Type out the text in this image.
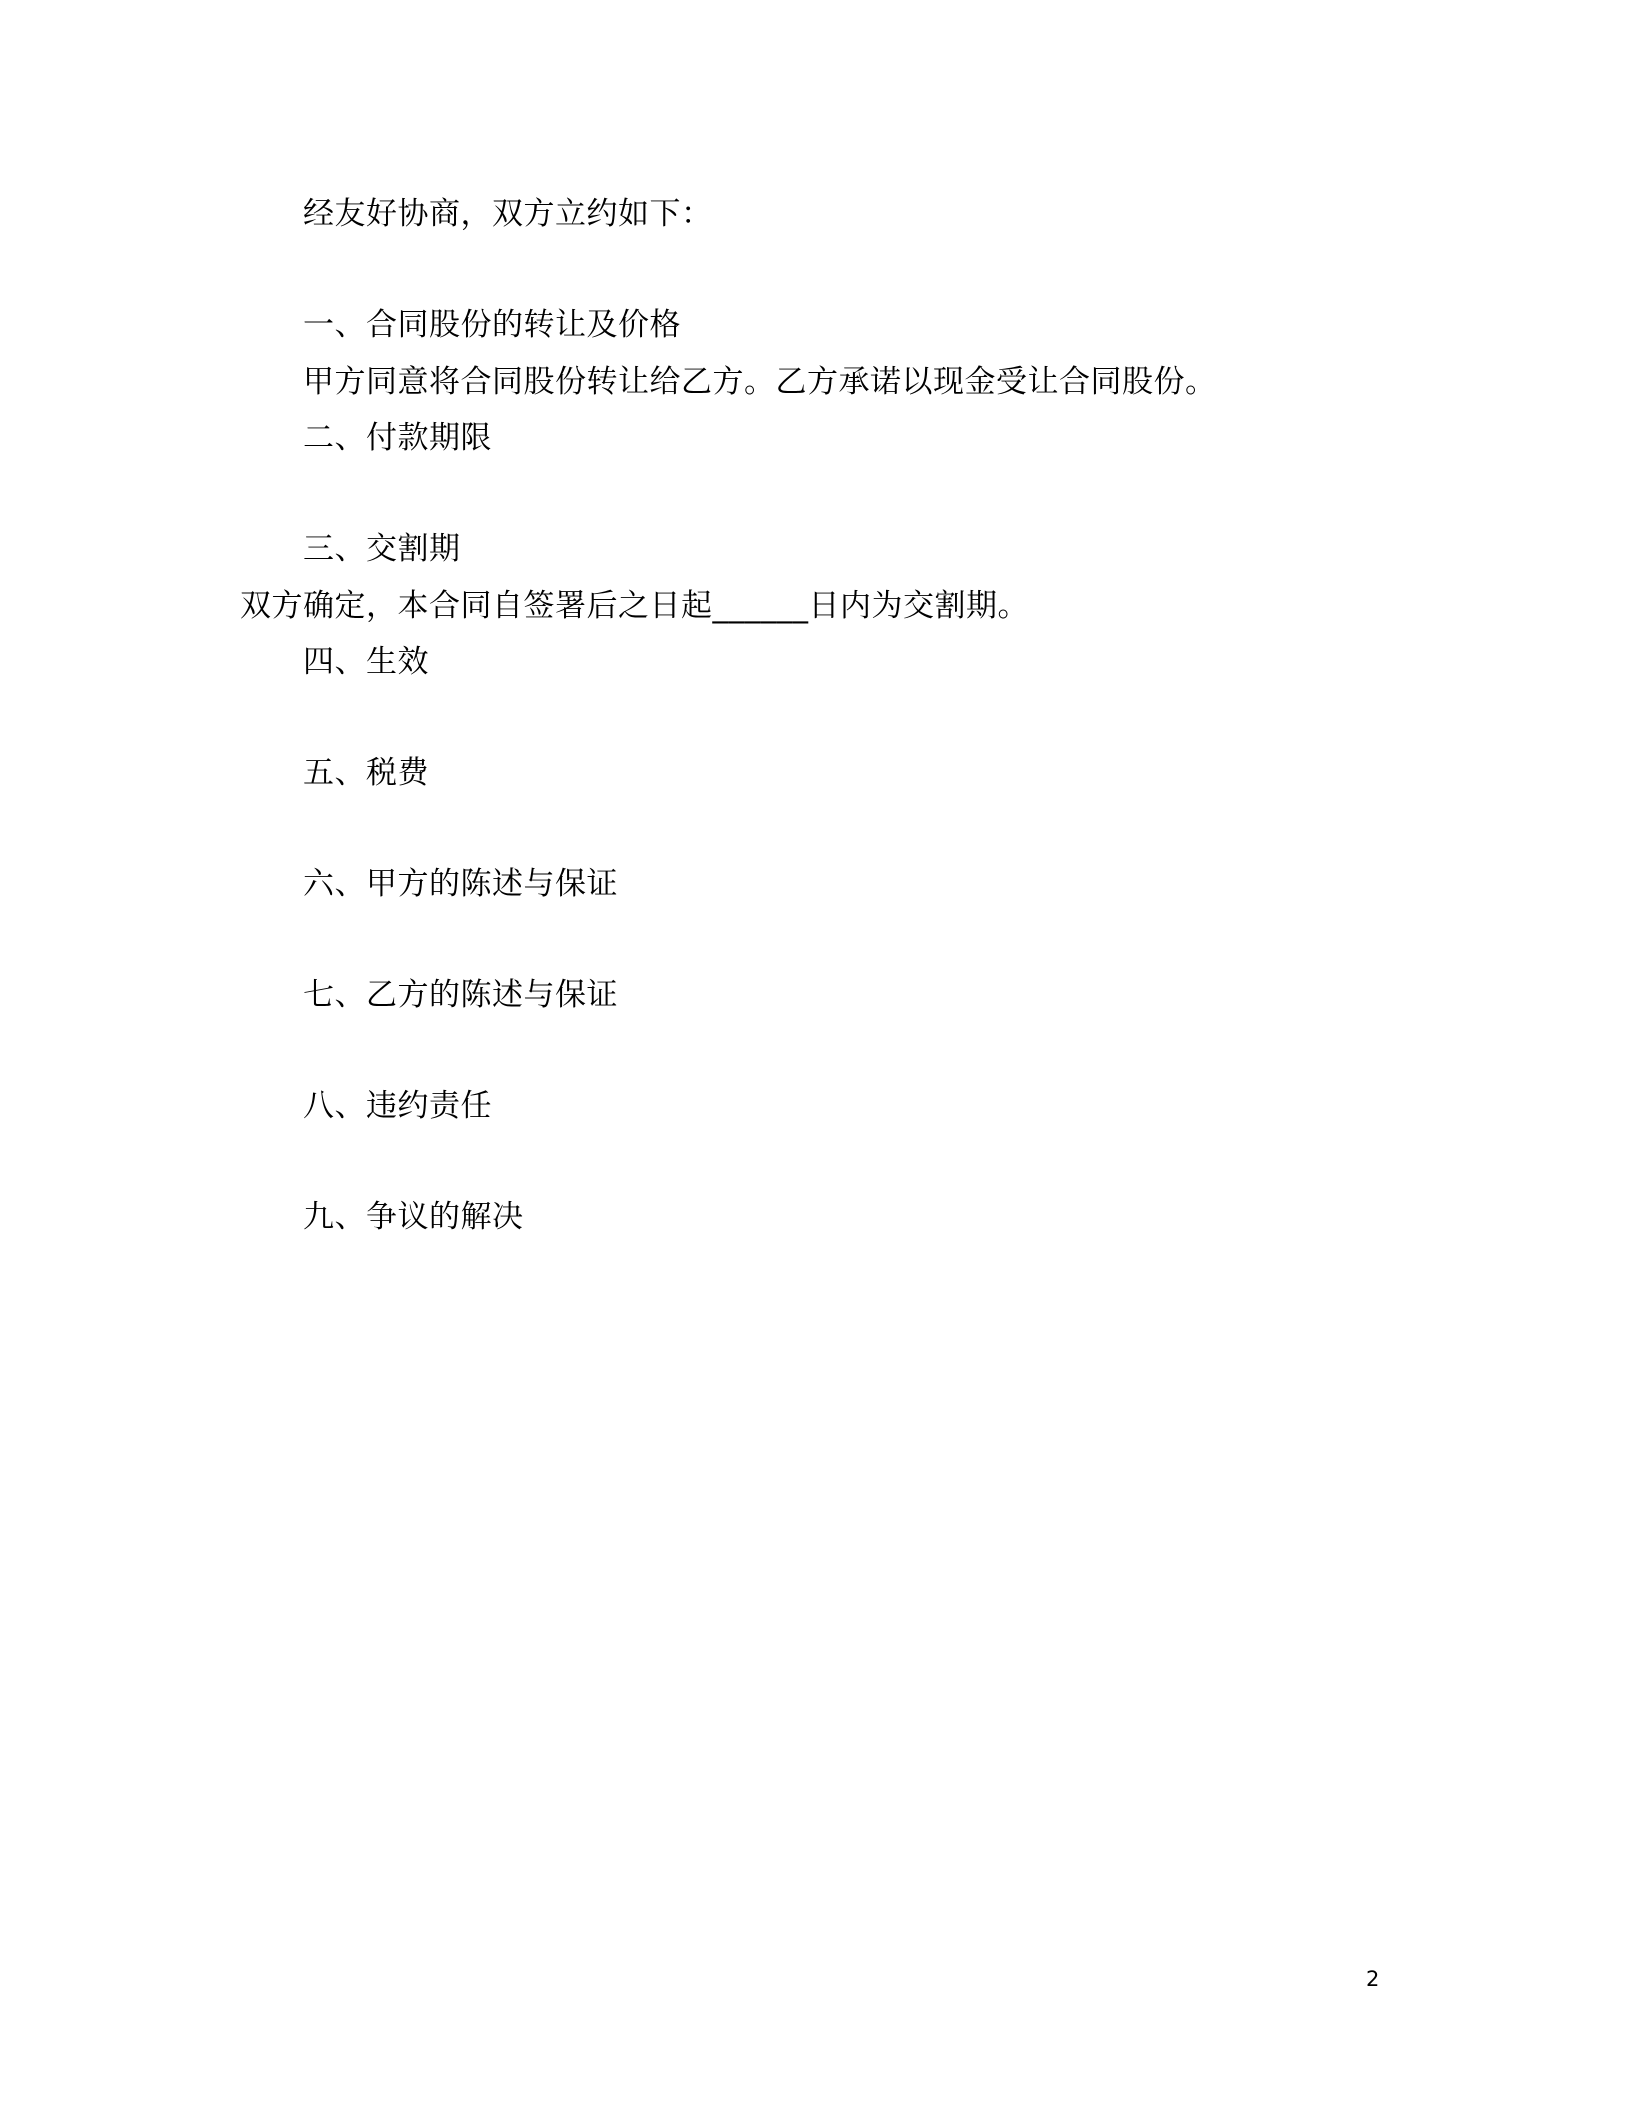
经友好协商，双方立约如下：
一、合同股份的转让及价格
甲方同意将合同股份转让给乙方。乙方承诺以现金受让合同股份。
二、付款期限
三、交割期
双方确定，本合同自签署后之日起______日内为交割期。
四、生效
五、税费
六、甲方的陈述与保证
七、乙方的陈述与保证
八、违约责任
九、争议的解决
2
